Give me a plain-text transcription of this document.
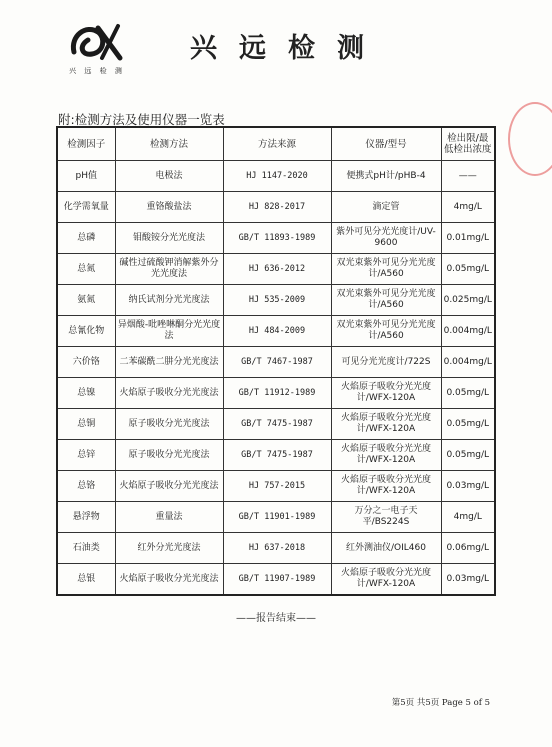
兴 远 检 测
兴远检测
附:检测方法及使用仪器一览表
检测因子	检测方法	方法来源	仪器/型号	检出限/最低检出浓度
pH值	电极法	HJ 1147-2020	便携式pH计/pHB-4	——
化学需氧量	重铬酸盐法	HJ 828-2017	滴定管	4mg/L
总磷	钼酸铵分光光度法	GB/T 11893-1989	紫外可见分光光度计/UV-9600	0.01mg/L
总氮	碱性过硫酸钾消解紫外分光光度法	HJ 636-2012	双光束紫外可见分光光度计/A560	0.05mg/L
氨氮	纳氏试剂分光光度法	HJ 535-2009	双光束紫外可见分光光度计/A560	0.025mg/L
总氰化物	异烟酸-吡唑啉酮分光光度法	HJ 484-2009	双光束紫外可见分光光度计/A560	0.004mg/L
六价铬	二苯碳酰二肼分光光度法	GB/T 7467-1987	可见分光光度计/722S	0.004mg/L
总镍	火焰原子吸收分光光度法	GB/T 11912-1989	火焰原子吸收分光光度计/WFX-120A	0.05mg/L
总铜	原子吸收分光光度法	GB/T 7475-1987	火焰原子吸收分光光度计/WFX-120A	0.05mg/L
总锌	原子吸收分光光度法	GB/T 7475-1987	火焰原子吸收分光光度计/WFX-120A	0.05mg/L
总铬	火焰原子吸收分光光度法	HJ 757-2015	火焰原子吸收分光光度计/WFX-120A	0.03mg/L
悬浮物	重量法	GB/T 11901-1989	万分之一电子天平/BS224S	4mg/L
石油类	红外分光光度法	HJ 637-2018	红外测油仪/OIL460	0.06mg/L
总银	火焰原子吸收分光光度法	GB/T 11907-1989	火焰原子吸收分光光度计/WFX-120A	0.03mg/L
——报告结束——
第5页 共5页 Page 5 of 5
